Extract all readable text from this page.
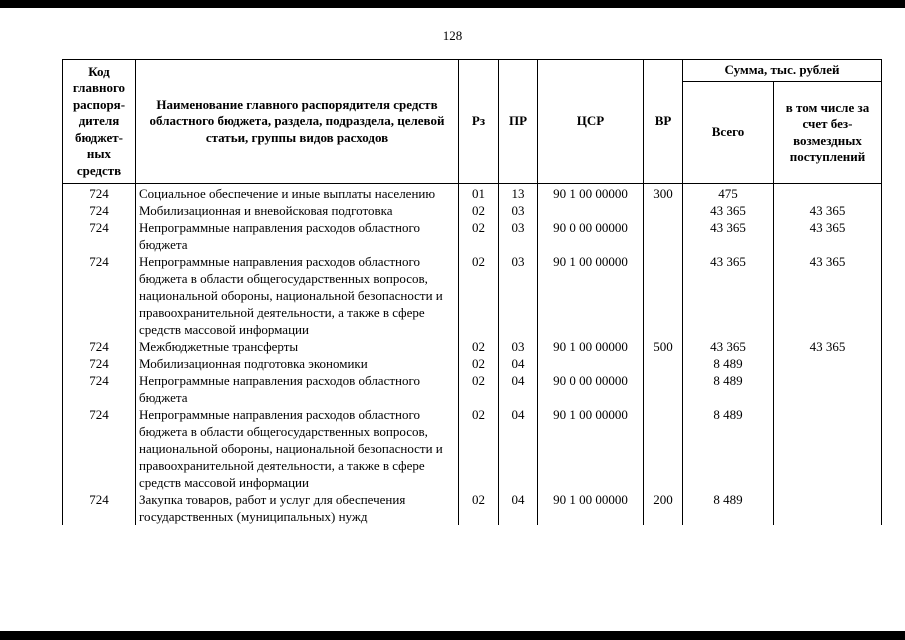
128
Код главного распоря-дителя бюджет-ных средств	Наименование главного распорядителя средств областного бюджета, раздела, подраздела, целевой статьи, группы видов расходов	Рз	ПР	ЦСР	ВР	Сумма, тыс. рублей	
						Всего	в том числе за счет без-возмездных поступлений
724	Социальное обеспечение и иные выплаты населению	01	13	90 1 00 00000	300	475	
724	Мобилизационная и вневойсковая подготовка	02	03			43 365	43 365
724	Непрограммные направления расходов областного бюджета	02	03	90 0 00 00000		43 365	43 365
724	Непрограммные направления расходов областного бюджета в области общегосударственных вопросов, национальной обороны, национальной безопасности и правоохранительной деятельности, а также в сфере средств массовой информации	02	03	90 1 00 00000		43 365	43 365
724	Межбюджетные трансферты	02	03	90 1 00 00000	500	43 365	43 365
724	Мобилизационная подготовка экономики	02	04			8 489	
724	Непрограммные направления расходов областного бюджета	02	04	90 0 00 00000		8 489	
724	Непрограммные направления расходов областного бюджета в области общегосударственных вопросов, национальной обороны, национальной безопасности и правоохранительной деятельности, а также в сфере средств массовой информации	02	04	90 1 00 00000		8 489	
724	Закупка товаров, работ и услуг для обеспечения государственных (муниципальных) нужд	02	04	90 1 00 00000	200	8 489	
